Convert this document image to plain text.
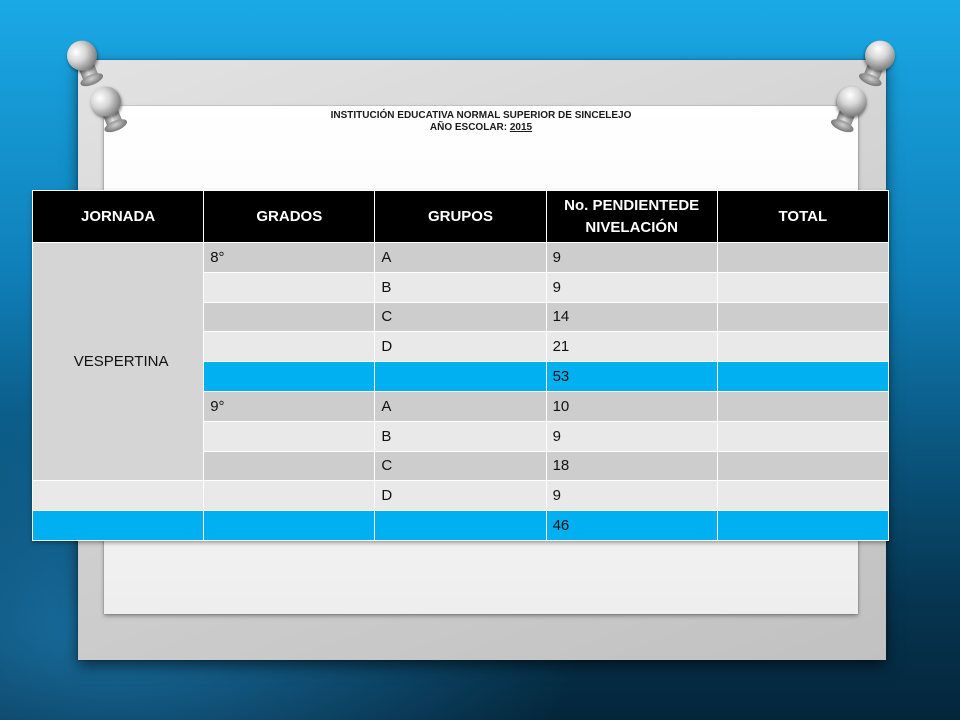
INSTITUCIÓN EDUCATIVA NORMAL SUPERIOR DE SINCELEJO
AÑO ESCOLAR: 2015
JORNADA	GRADOS	GRUPOS	No. PENDIENTEDE NIVELACIÓN	TOTAL
VESPERTINA	8°	A	9	
		B	9	
		C	14	
		D	21	
			53	
	9°	A	10	
		B	9	
		C	18	
		D	9	
			46	
